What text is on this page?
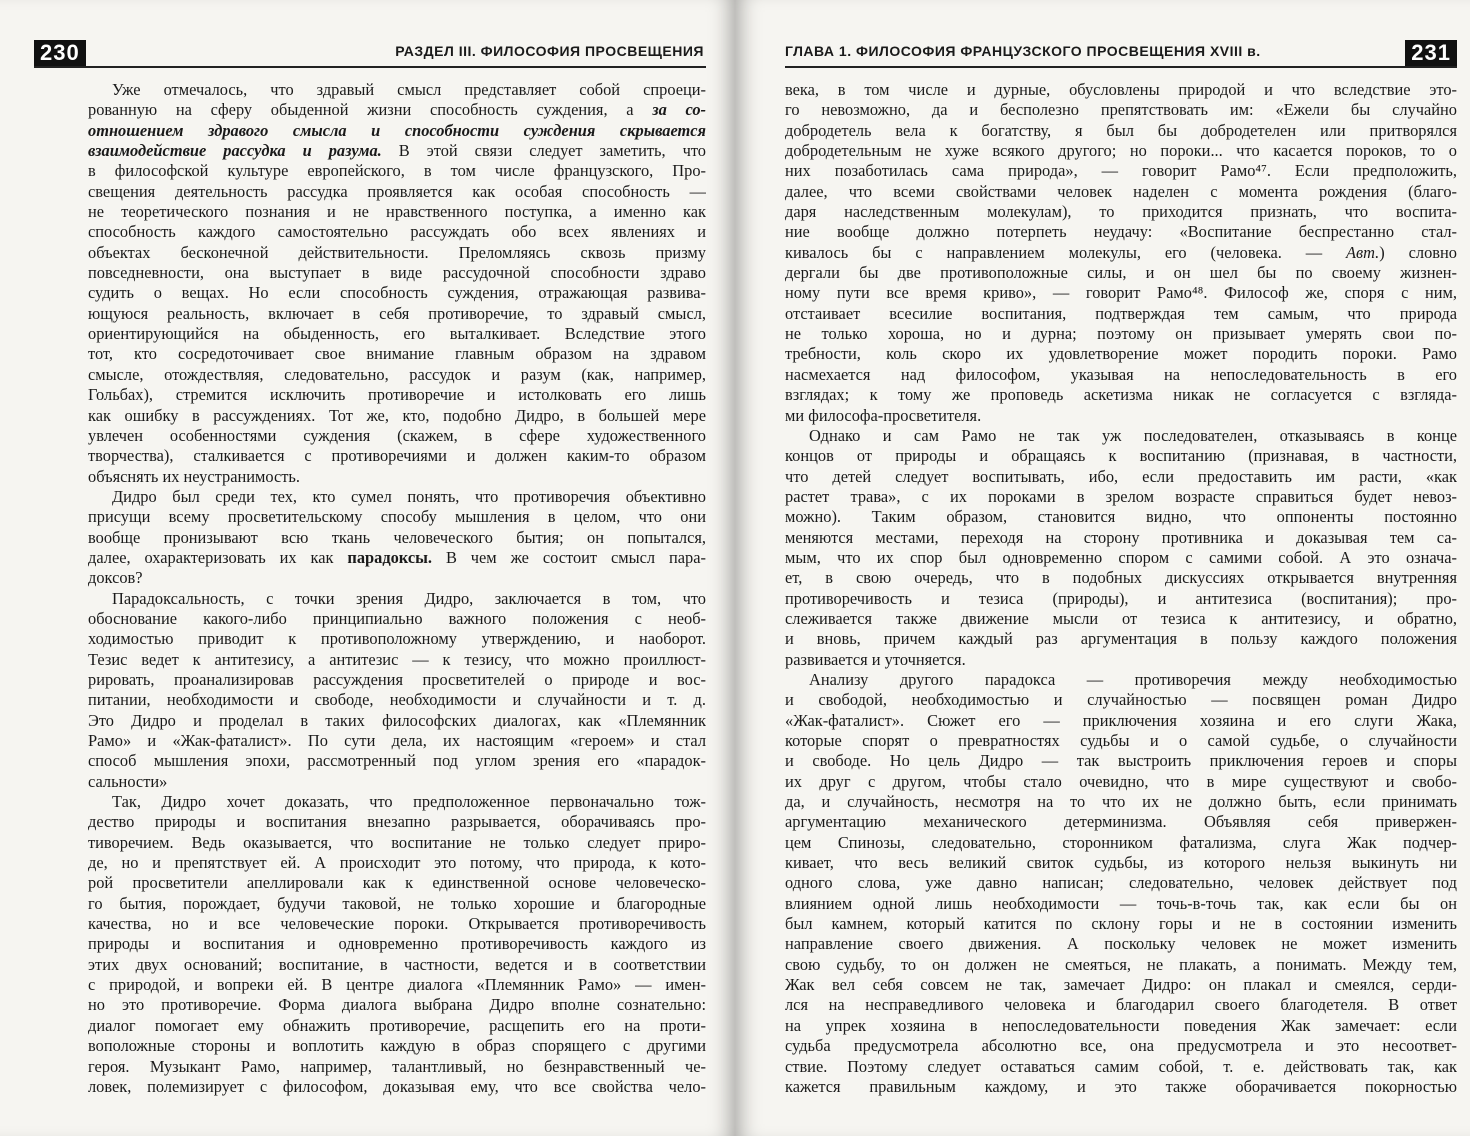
230	РАЗДЕЛ III. ФИЛОСОФИЯ ПРОСВЕЩЕНИЯ
Уже отмечалось, что здравый смысл представляет собой спроеци-
рованную на сферу обыденной жизни способность суждения, а за со-
отношением здравого смысла и способности суждения скрывается
взаимодействие рассудка и разума. В этой связи следует заметить, что
в философской культуре европейского, в том числе французского, Про-
свещения деятельность рассудка проявляется как особая способность —
не теоретического познания и не нравственного поступка, а именно как
способность каждого самостоятельно рассуждать обо всех явлениях и
объектах бесконечной действительности. Преломляясь сквозь призму
повседневности, она выступает в виде рассудочной способности здраво
судить о вещах. Но если способность суждения, отражающая развива-
ющуюся реальность, включает в себя противоречие, то здравый смысл,
ориентирующийся на обыденность, его выталкивает. Вследствие этого
тот, кто сосредоточивает свое внимание главным образом на здравом
смысле, отождествляя, следовательно, рассудок и разум (как, например,
Гольбах), стремится исключить противоречие и истолковать его лишь
как ошибку в рассуждениях. Тот же, кто, подобно Дидро, в большей мере
увлечен особенностями суждения (скажем, в сфере художественного
творчества), сталкивается с противоречиями и должен каким-то образом
объяснять их неустранимость.
Дидро был среди тех, кто сумел понять, что противоречия объективно
присущи всему просветительскому способу мышления в целом, что они
вообще пронизывают всю ткань человеческого бытия; он попытался,
далее, охарактеризовать их как парадоксы. В чем же состоит смысл пара-
доксов?
Парадоксальность, с точки зрения Дидро, заключается в том, что
обоснование какого-либо принципиально важного положения с необ-
ходимостью приводит к противоположному утверждению, и наоборот.
Тезис ведет к антитезису, а антитезис — к тезису, что можно проиллюст-
рировать, проанализировав рассуждения просветителей о природе и вос-
питании, необходимости и свободе, необходимости и случайности и т. д.
Это Дидро и проделал в таких философских диалогах, как «Племянник
Рамо» и «Жак-фаталист». По сути дела, их настоящим «героем» и стал
способ мышления эпохи, рассмотренный под углом зрения его «парадок-
сальности»
Так, Дидро хочет доказать, что предположенное первоначально тож-
дество природы и воспитания внезапно разрывается, оборачиваясь про-
тиворечием. Ведь оказывается, что воспитание не только следует приро-
де, но и препятствует ей. А происходит это потому, что природа, к кото-
рой просветители апеллировали как к единственной основе человеческо-
го бытия, порождает, будучи таковой, не только хорошие и благородные
качества, но и все человеческие пороки. Открывается противоречивость
природы и воспитания и одновременно противоречивость каждого из
этих двух оснований; воспитание, в частности, ведется и в соответствии
с природой, и вопреки ей. В центре диалога «Племянник Рамо» — имен-
но это противоречие. Форма диалога выбрана Дидро вполне сознательно:
диалог помогает ему обнажить противоречие, расщепить его на проти-
воположные стороны и воплотить каждую в образ спорящего с другими
героя. Музыкант Рамо, например, талантливый, но безнравственный че-
ловек, полемизирует с философом, доказывая ему, что все свойства чело-
ГЛАВА 1. ФИЛОСОФИЯ ФРАНЦУЗСКОГО ПРОСВЕЩЕНИЯ XVIII в.	231
века, в том числе и дурные, обусловлены природой и что вследствие это-
го невозможно, да и бесполезно препятствовать им: «Ежели бы случайно
добродетель вела к богатству, я был бы добродетелен или притворялся
добродетельным не хуже всякого другого; но пороки... что касается пороков, то о
них позаботилась сама природа», — говорит Рамо⁴⁷. Если предположить,
далее, что всеми свойствами человек наделен с момента рождения (благо-
даря наследственным молекулам), то приходится признать, что воспита-
ние вообще должно потерпеть неудачу: «Воспитание беспрестанно стал-
кивалось бы с направлением молекулы, его (человека. — Авт.) словно
дергали бы две противоположные силы, и он шел бы по своему жизнен-
ному пути все время криво», — говорит Рамо⁴⁸. Философ же, споря с ним,
отстаивает всесилие воспитания, подтверждая тем самым, что природа
не только хороша, но и дурна; поэтому он призывает умерять свои по-
требности, коль скоро их удовлетворение может породить пороки. Рамо
насмехается над философом, указывая на непоследовательность в его
взглядах; к тому же проповедь аскетизма никак не согласуется с взгляда-
ми философа-просветителя.
Однако и сам Рамо не так уж последователен, отказываясь в конце
концов от природы и обращаясь к воспитанию (признавая, в частности,
что детей следует воспитывать, ибо, если предоставить им расти, «как
растет трава», с их пороками в зрелом возрасте справиться будет невоз-
можно). Таким образом, становится видно, что оппоненты постоянно
меняются местами, переходя на сторону противника и доказывая тем са-
мым, что их спор был одновременно спором с самими собой. А это означа-
ет, в свою очередь, что в подобных дискуссиях открывается внутренняя
противоречивость и тезиса (природы), и антитезиса (воспитания); про-
слеживается также движение мысли от тезиса к антитезису, и обратно,
и вновь, причем каждый раз аргументация в пользу каждого положения
развивается и уточняется.
Анализу другого парадокса — противоречия между необходимостью
и свободой, необходимостью и случайностью — посвящен роман Дидро
«Жак-фаталист». Сюжет его — приключения хозяина и его слуги Жака,
которые спорят о превратностях судьбы и о самой судьбе, о случайности
и свободе. Но цель Дидро — так выстроить приключения героев и споры
их друг с другом, чтобы стало очевидно, что в мире существуют и свобо-
да, и случайность, несмотря на то что их не должно быть, если принимать
аргументацию механического детерминизма. Объявляя себя привержен-
цем Спинозы, следовательно, сторонником фатализма, слуга Жак подчер-
кивает, что весь великий свиток судьбы, из которого нельзя выкинуть ни
одного слова, уже давно написан; следовательно, человек действует под
влиянием одной лишь необходимости — точь-в-точь так, как если бы он
был камнем, который катится по склону горы и не в состоянии изменить
направление своего движения. А поскольку человек не может изменить
свою судьбу, то он должен не смеяться, не плакать, а понимать. Между тем,
Жак вел себя совсем не так, замечает Дидро: он плакал и смеялся, серди-
лся на несправедливого человека и благодарил своего благодетеля. В ответ
на упрек хозяина в непоследовательности поведения Жак замечает: если
судьба предусмотрела абсолютно все, она предусмотрела и это несоответ-
ствие. Поэтому следует оставаться самим собой, т. е. действовать так, как
кажется правильным каждому, и это также оборачивается покорностью
